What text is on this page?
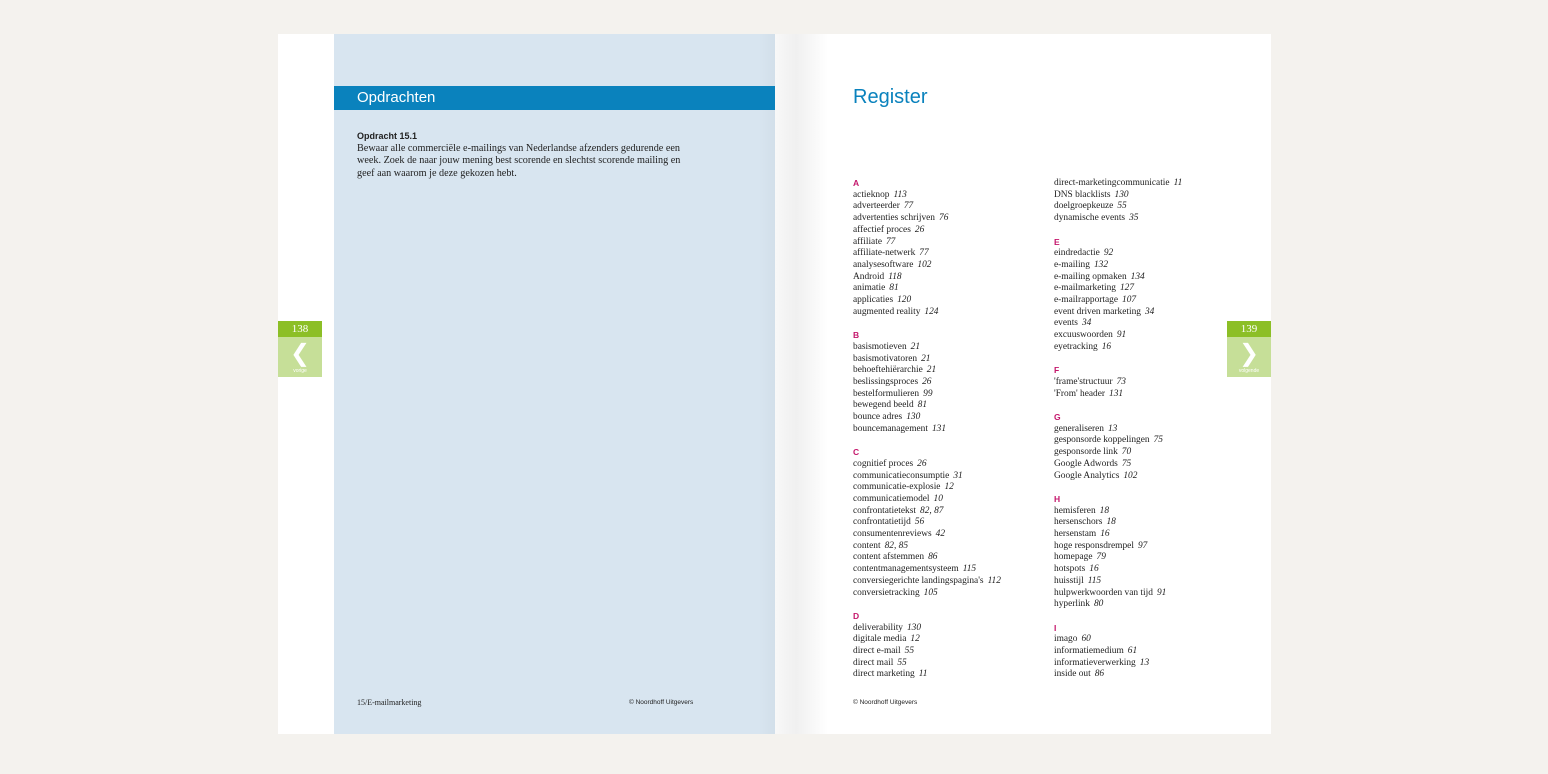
Opdrachten
Opdracht 15.1
Bewaar alle commerciële e-mailings van Nederlandse afzenders gedurende een
week. Zoek de naar jouw mening best scorende en slechtst scorende mailing en
geef aan waarom je deze gekozen hebt.
15/E-mailmarketing	© Noordhoff Uitgevers
Register
A
actieknop 113
adverteerder 77
advertenties schrijven 76
affectief proces 26
affiliate 77
affiliate-netwerk 77
analysesoftware 102
Android 118
animatie 81
applicaties 120
augmented reality 124
B
basismotieven 21
basismotivatoren 21
behoeftehiërarchie 21
beslissingsproces 26
bestelformulieren 99
bewegend beeld 81
bounce adres 130
bouncemanagement 131
C
cognitief proces 26
communicatieconsumptie 31
communicatie-explosie 12
communicatiemodel 10
confrontatietekst 82, 87
confrontatietijd 56
consumentenreviews 42
content 82, 85
content afstemmen 86
contentmanagementsysteem 115
conversiegerichte landingspagina's 112
conversietracking 105
D
deliverability 130
digitale media 12
direct e-mail 55
direct mail 55
direct marketing 11
direct-marketingcommunicatie 11
DNS blacklists 130
doelgroepkeuze 55
dynamische events 35
E
eindredactie 92
e-mailing 132
e-mailing opmaken 134
e-mailmarketing 127
e-mailrapportage 107
event driven marketing 34
events 34
excuuswoorden 91
eyetracking 16
F
'frame'structuur 73
'From' header 131
G
generaliseren 13
gesponsorde koppelingen 75
gesponsorde link 70
Google Adwords 75
Google Analytics 102
H
hemisferen 18
hersenschors 18
hersenstam 16
hoge responsdrempel 97
homepage 79
hotspots 16
huisstijl 115
hulpwerkwoorden van tijd 91
hyperlink 80
I
imago 60
informatiemedium 61
informatieverwerking 13
inside out 86
© Noordhoff Uitgevers
138
❮
vorige
139
❯
volgende
